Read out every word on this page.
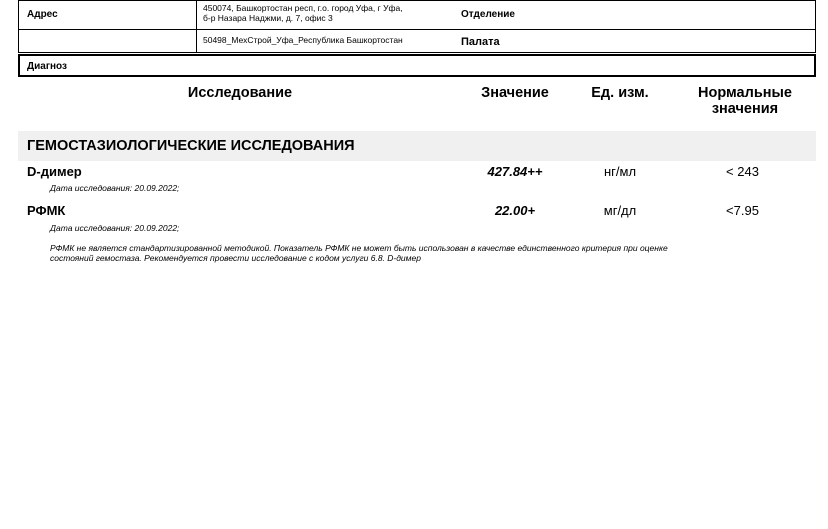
Адрес
450074, Башкортостан респ, г.о. город Уфа, г Уфа,
б-р Назара Наджми, д. 7, офис 3	Отделение
50498_МехСтрой_Уфа_Республика Башкортостан	Палата
Диагноз
Исследование	Значение	Ед. изм.	Нормальные
значения
ГЕМОСТАЗИОЛОГИЧЕСКИЕ ИССЛЕДОВАНИЯ
D-димер	427.84++	нг/мл	< 243
Дата исследования: 20.09.2022;
РФМК	22.00+	мг/дл	<7.95
Дата исследования: 20.09.2022;
РФМК не является стандартизированной методикой. Показатель РФМК не может быть использован в качестве единственного критерия при оценке
состояний гемостаза. Рекомендуется провести исследование с кодом услуги 6.8. D-димер
